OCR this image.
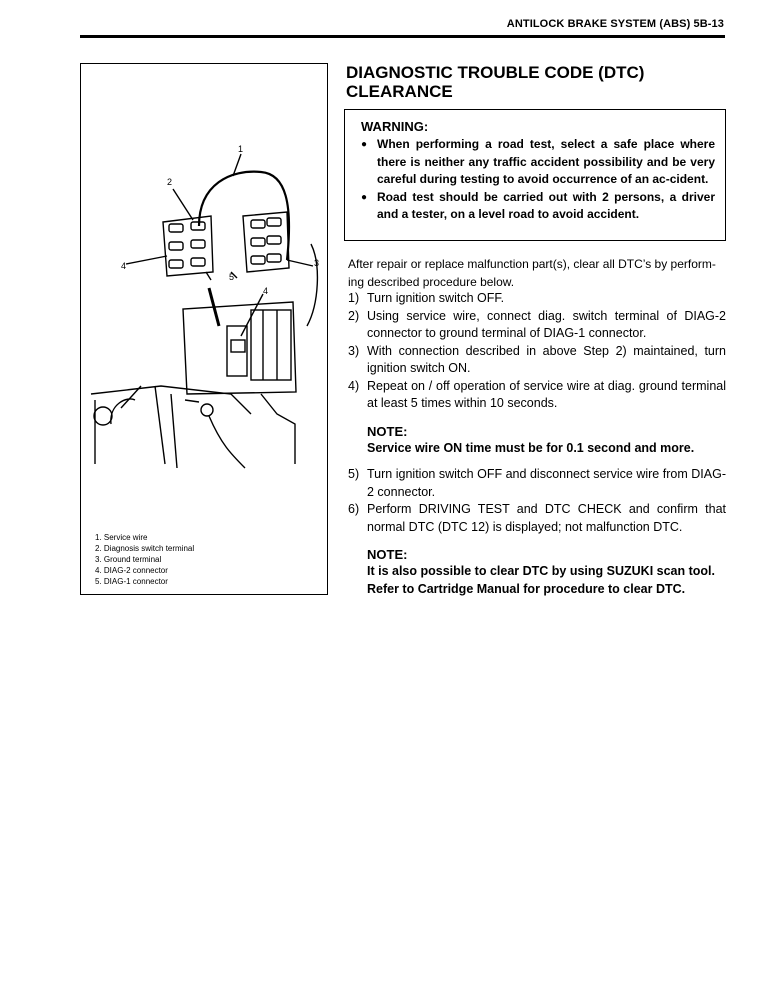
ANTILOCK BRAKE SYSTEM (ABS) 5B-13
1
2
3
4
4
5
1. Service wire
2. Diagnosis switch terminal
3. Ground terminal
4. DIAG-2 connector
5. DIAG-1 connector
DIAGNOSTIC TROUBLE CODE (DTC)
CLEARANCE
WARNING:
● When performing a road test, select a safe place where there is neither any traffic accident possibility and be very careful during testing to avoid occurrence of an ac-cident.
● Road test should be carried out with 2 persons, a driver and a tester, on a level road to avoid accident.

After repair or replace malfunction part(s), clear all DTC’s by perform-ing described procedure below.

1) Turn ignition switch OFF.
2) Using service wire, connect diag. switch terminal of DIAG-2 connector to ground terminal of DIAG-1 connector.
3) With connection described in above Step 2) maintained, turn ignition switch ON.
4) Repeat on / off operation of service wire at diag. ground terminal at least 5 times within 10 seconds.
NOTE:

Service wire ON time must be for 0.1 second and more.

5) Turn ignition switch OFF and disconnect service wire from DIAG-2 connector.
6) Perform DRIVING TEST and DTC CHECK and confirm that normal DTC (DTC 12) is displayed; not malfunction DTC.
NOTE:

It is also possible to clear DTC by using SUZUKI scan tool. Refer to Cartridge Manual for procedure to clear DTC.
